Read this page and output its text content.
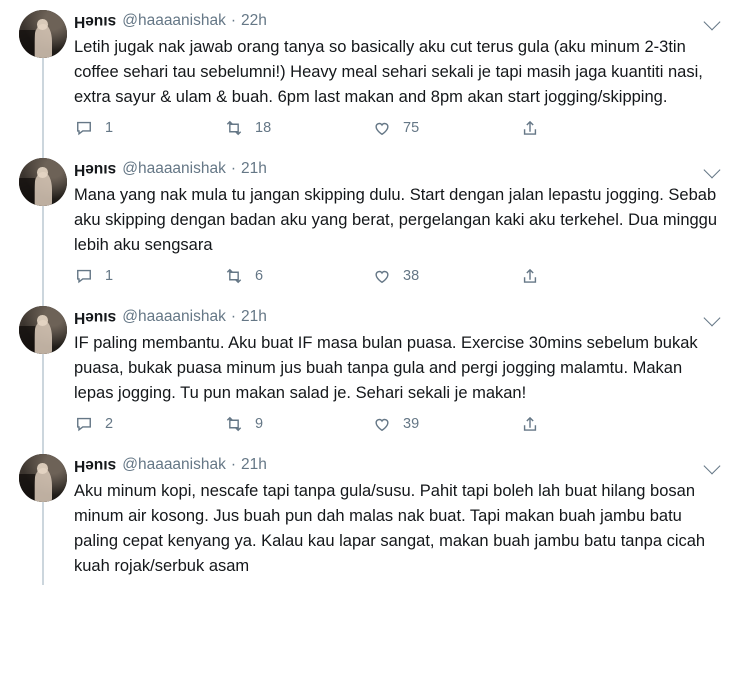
sıueH @haaaanishak · 22h
Letih jugak nak jawab orang tanya so basically aku cut terus gula (aku minum 2-3tin coffee sehari tau sebelumni!) Heavy meal sehari sekali je tapi masih jaga kuantiti nasi, extra sayur & ulam & buah. 6pm last makan and 8pm akan start jogging/skipping.
1	18	75
sıueH @haaaanishak · 21h
Mana yang nak mula tu jangan skipping dulu. Start dengan jalan lepastu jogging. Sebab aku skipping dengan badan aku yang berat, pergelangan kaki aku terkehel. Dua minggu lebih aku sengsara
1	6	38
sıueH @haaaanishak · 21h
IF paling membantu. Aku buat IF masa bulan puasa. Exercise 30mins sebelum bukak puasa, bukak puasa minum jus buah tanpa gula and pergi jogging malamtu. Makan lepas jogging. Tu pun makan salad je. Sehari sekali je makan!
2	9	39
sıueH @haaaanishak · 21h
Aku minum kopi, nescafe tapi tanpa gula/susu. Pahit tapi boleh lah buat hilang bosan minum air kosong. Jus buah pun dah malas nak buat. Tapi makan buah jambu batu paling cepat kenyang ya. Kalau kau lapar sangat, makan buah jambu batu tanpa cicah kuah rojak/serbuk asam
